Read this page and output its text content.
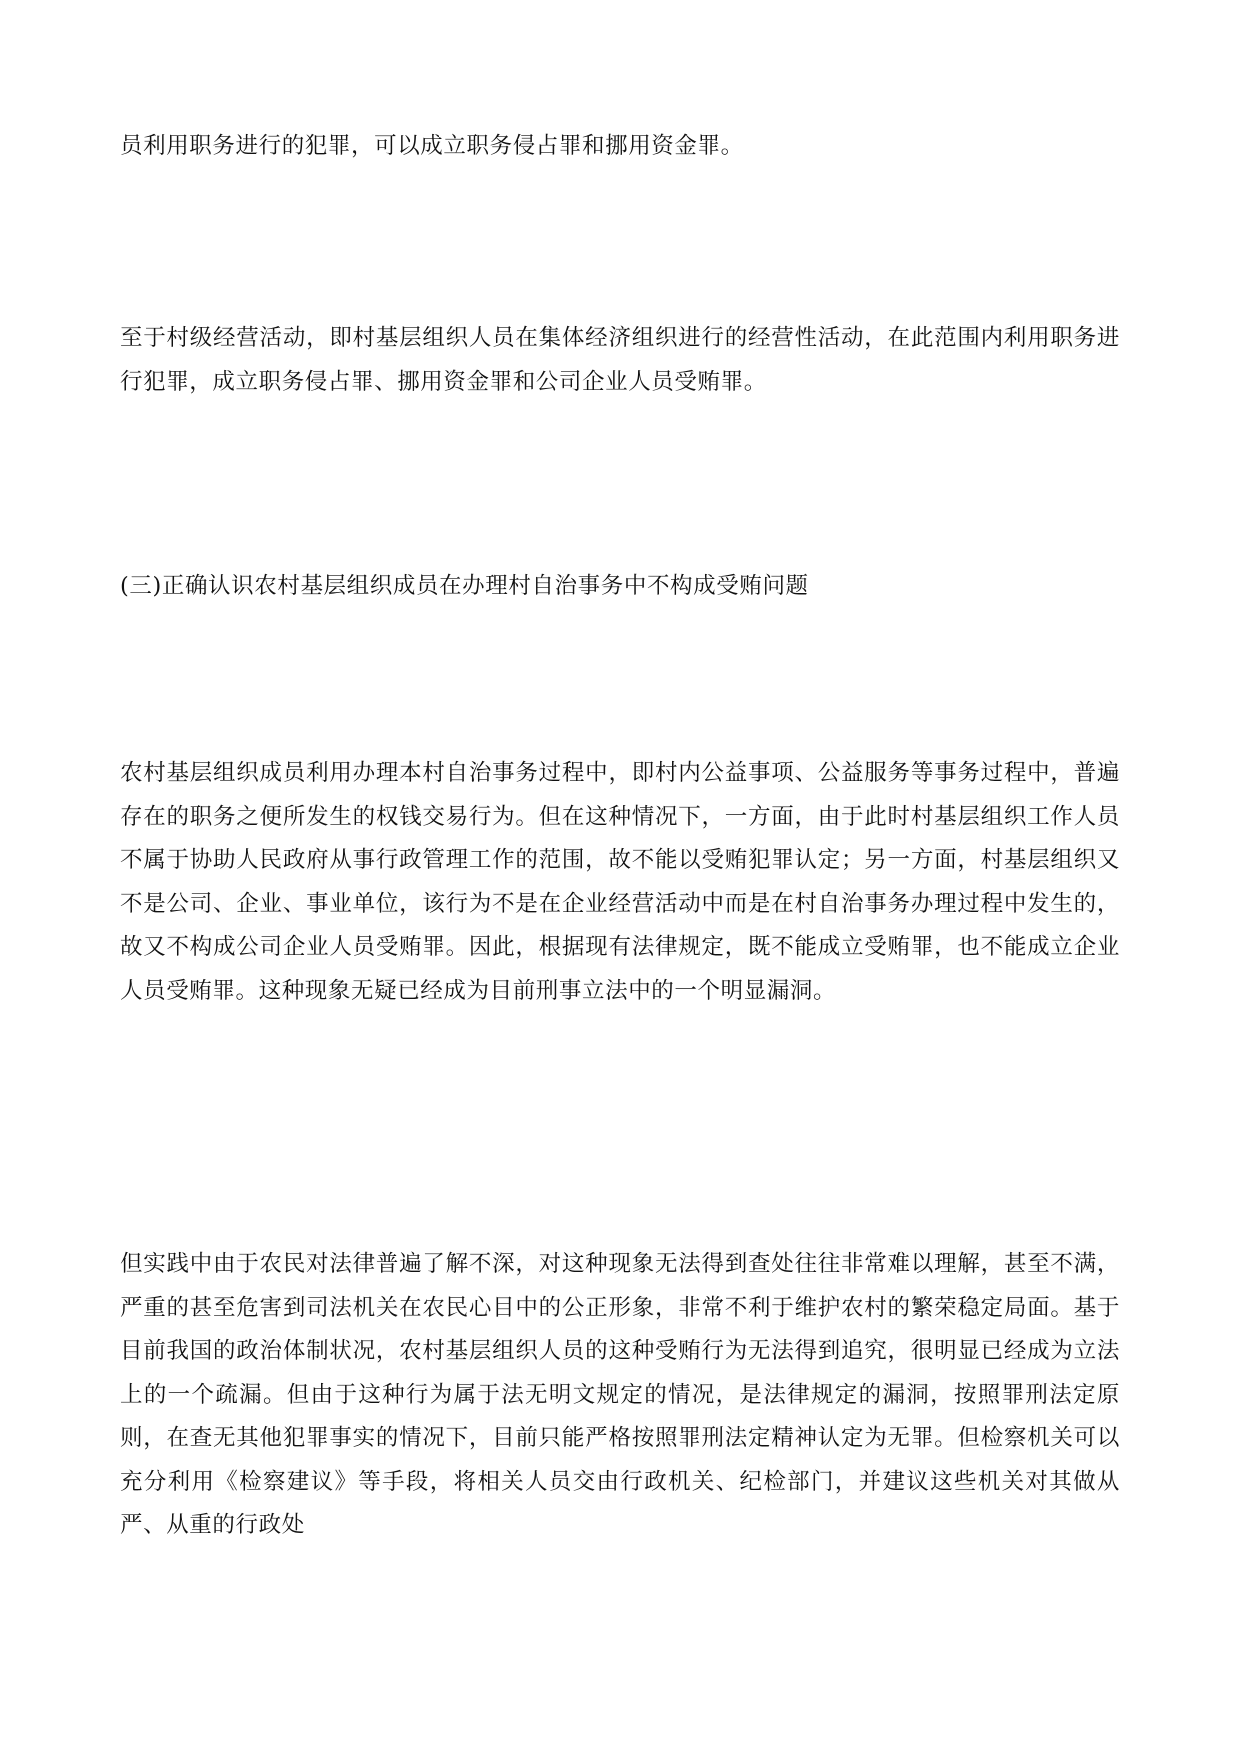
员利用职务进行的犯罪，可以成立职务侵占罪和挪用资金罪。

至于村级经营活动，即村基层组织人员在集体经济组织进行的经营性活动，在此范围内利用职务进行犯罪，成立职务侵占罪、挪用资金罪和公司企业人员受贿罪。

(三)正确认识农村基层组织成员在办理村自治事务中不构成受贿问题

农村基层组织成员利用办理本村自治事务过程中，即村内公益事项、公益服务等事务过程中，普遍存在的职务之便所发生的权钱交易行为。但在这种情况下，一方面，由于此时村基层组织工作人员不属于协助人民政府从事行政管理工作的范围，故不能以受贿犯罪认定；另一方面，村基层组织又不是公司、企业、事业单位，该行为不是在企业经营活动中而是在村自治事务办理过程中发生的，故又不构成公司企业人员受贿罪。因此，根据现有法律规定，既不能成立受贿罪，也不能成立企业人员受贿罪。这种现象无疑已经成为目前刑事立法中的一个明显漏洞。

但实践中由于农民对法律普遍了解不深，对这种现象无法得到查处往往非常难以理解，甚至不满，严重的甚至危害到司法机关在农民心目中的公正形象，非常不利于维护农村的繁荣稳定局面。基于目前我国的政治体制状况，农村基层组织人员的这种受贿行为无法得到追究，很明显已经成为立法上的一个疏漏。但由于这种行为属于法无明文规定的情况，是法律规定的漏洞，按照罪刑法定原则，在查无其他犯罪事实的情况下，目前只能严格按照罪刑法定精神认定为无罪。但检察机关可以充分利用《检察建议》等手段，将相关人员交由行政机关、纪检部门，并建议这些机关对其做从严、从重的行政处
